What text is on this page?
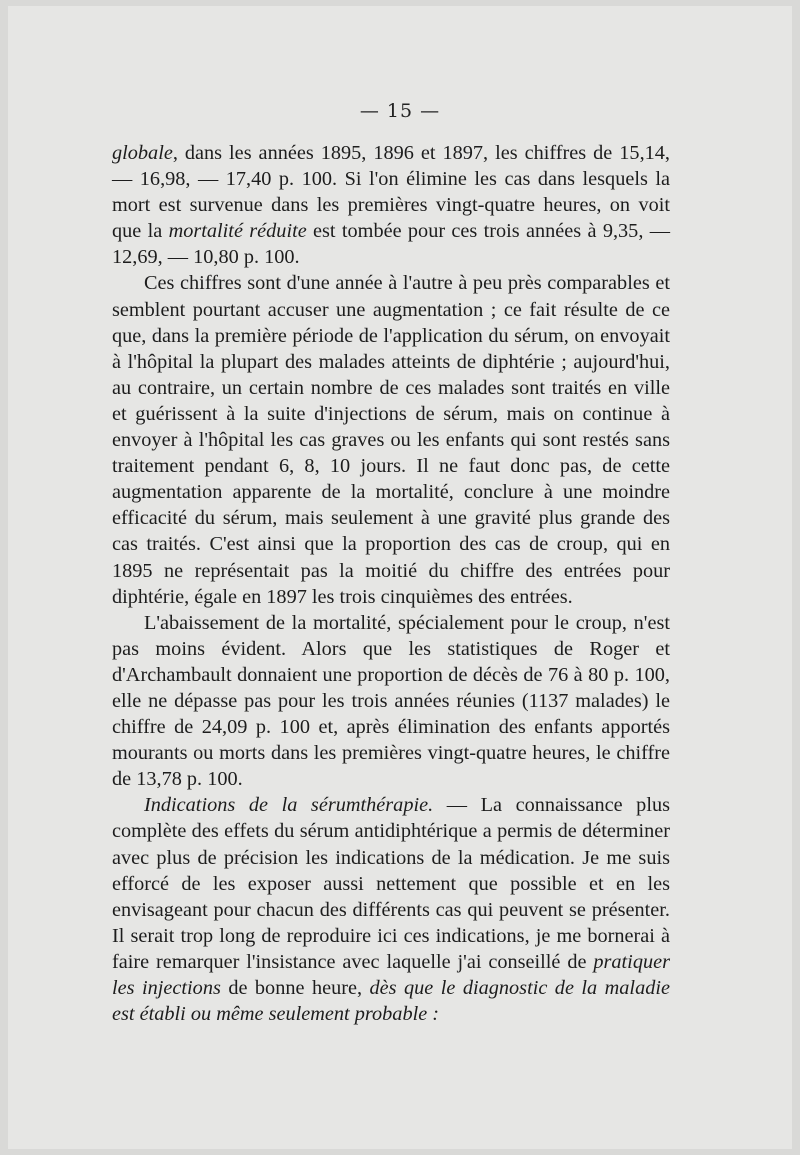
— 15 —

globale, dans les années 1895, 1896 et 1897, les chiffres de 15,14, — 16,98, — 17,40 p. 100. Si l'on élimine les cas dans lesquels la mort est survenue dans les premières vingt-quatre heures, on voit que la mortalité réduite est tombée pour ces trois années à 9,35, — 12,69, — 10,80 p. 100.

Ces chiffres sont d'une année à l'autre à peu près comparables et semblent pourtant accuser une augmentation ; ce fait résulte de ce que, dans la première période de l'application du sérum, on envoyait à l'hôpital la plupart des malades atteints de diphtérie ; aujourd'hui, au contraire, un certain nombre de ces malades sont traités en ville et guérissent à la suite d'injections de sérum, mais on continue à envoyer à l'hôpital les cas graves ou les enfants qui sont restés sans traitement pendant 6, 8, 10 jours. Il ne faut donc pas, de cette augmentation apparente de la mortalité, conclure à une moindre efficacité du sérum, mais seulement à une gravité plus grande des cas traités. C'est ainsi que la proportion des cas de croup, qui en 1895 ne représentait pas la moitié du chiffre des entrées pour diphtérie, égale en 1897 les trois cinquièmes des entrées.

L'abaissement de la mortalité, spécialement pour le croup, n'est pas moins évident. Alors que les statistiques de Roger et d'Archambault donnaient une proportion de décès de 76 à 80 p. 100, elle ne dépasse pas pour les trois années réunies (1137 malades) le chiffre de 24,09 p. 100 et, après élimination des enfants apportés mourants ou morts dans les premières vingt-quatre heures, le chiffre de 13,78 p. 100.

Indications de la sérumthérapie. — La connaissance plus complète des effets du sérum antidiphtérique a permis de déterminer avec plus de précision les indications de la médication. Je me suis efforcé de les exposer aussi nettement que possible et en les envisageant pour chacun des différents cas qui peuvent se présenter. Il serait trop long de reproduire ici ces indications, je me bornerai à faire remarquer l'insistance avec laquelle j'ai conseillé de pratiquer les injections de bonne heure, dès que le diagnostic de la maladie est établi ou même seulement probable :
